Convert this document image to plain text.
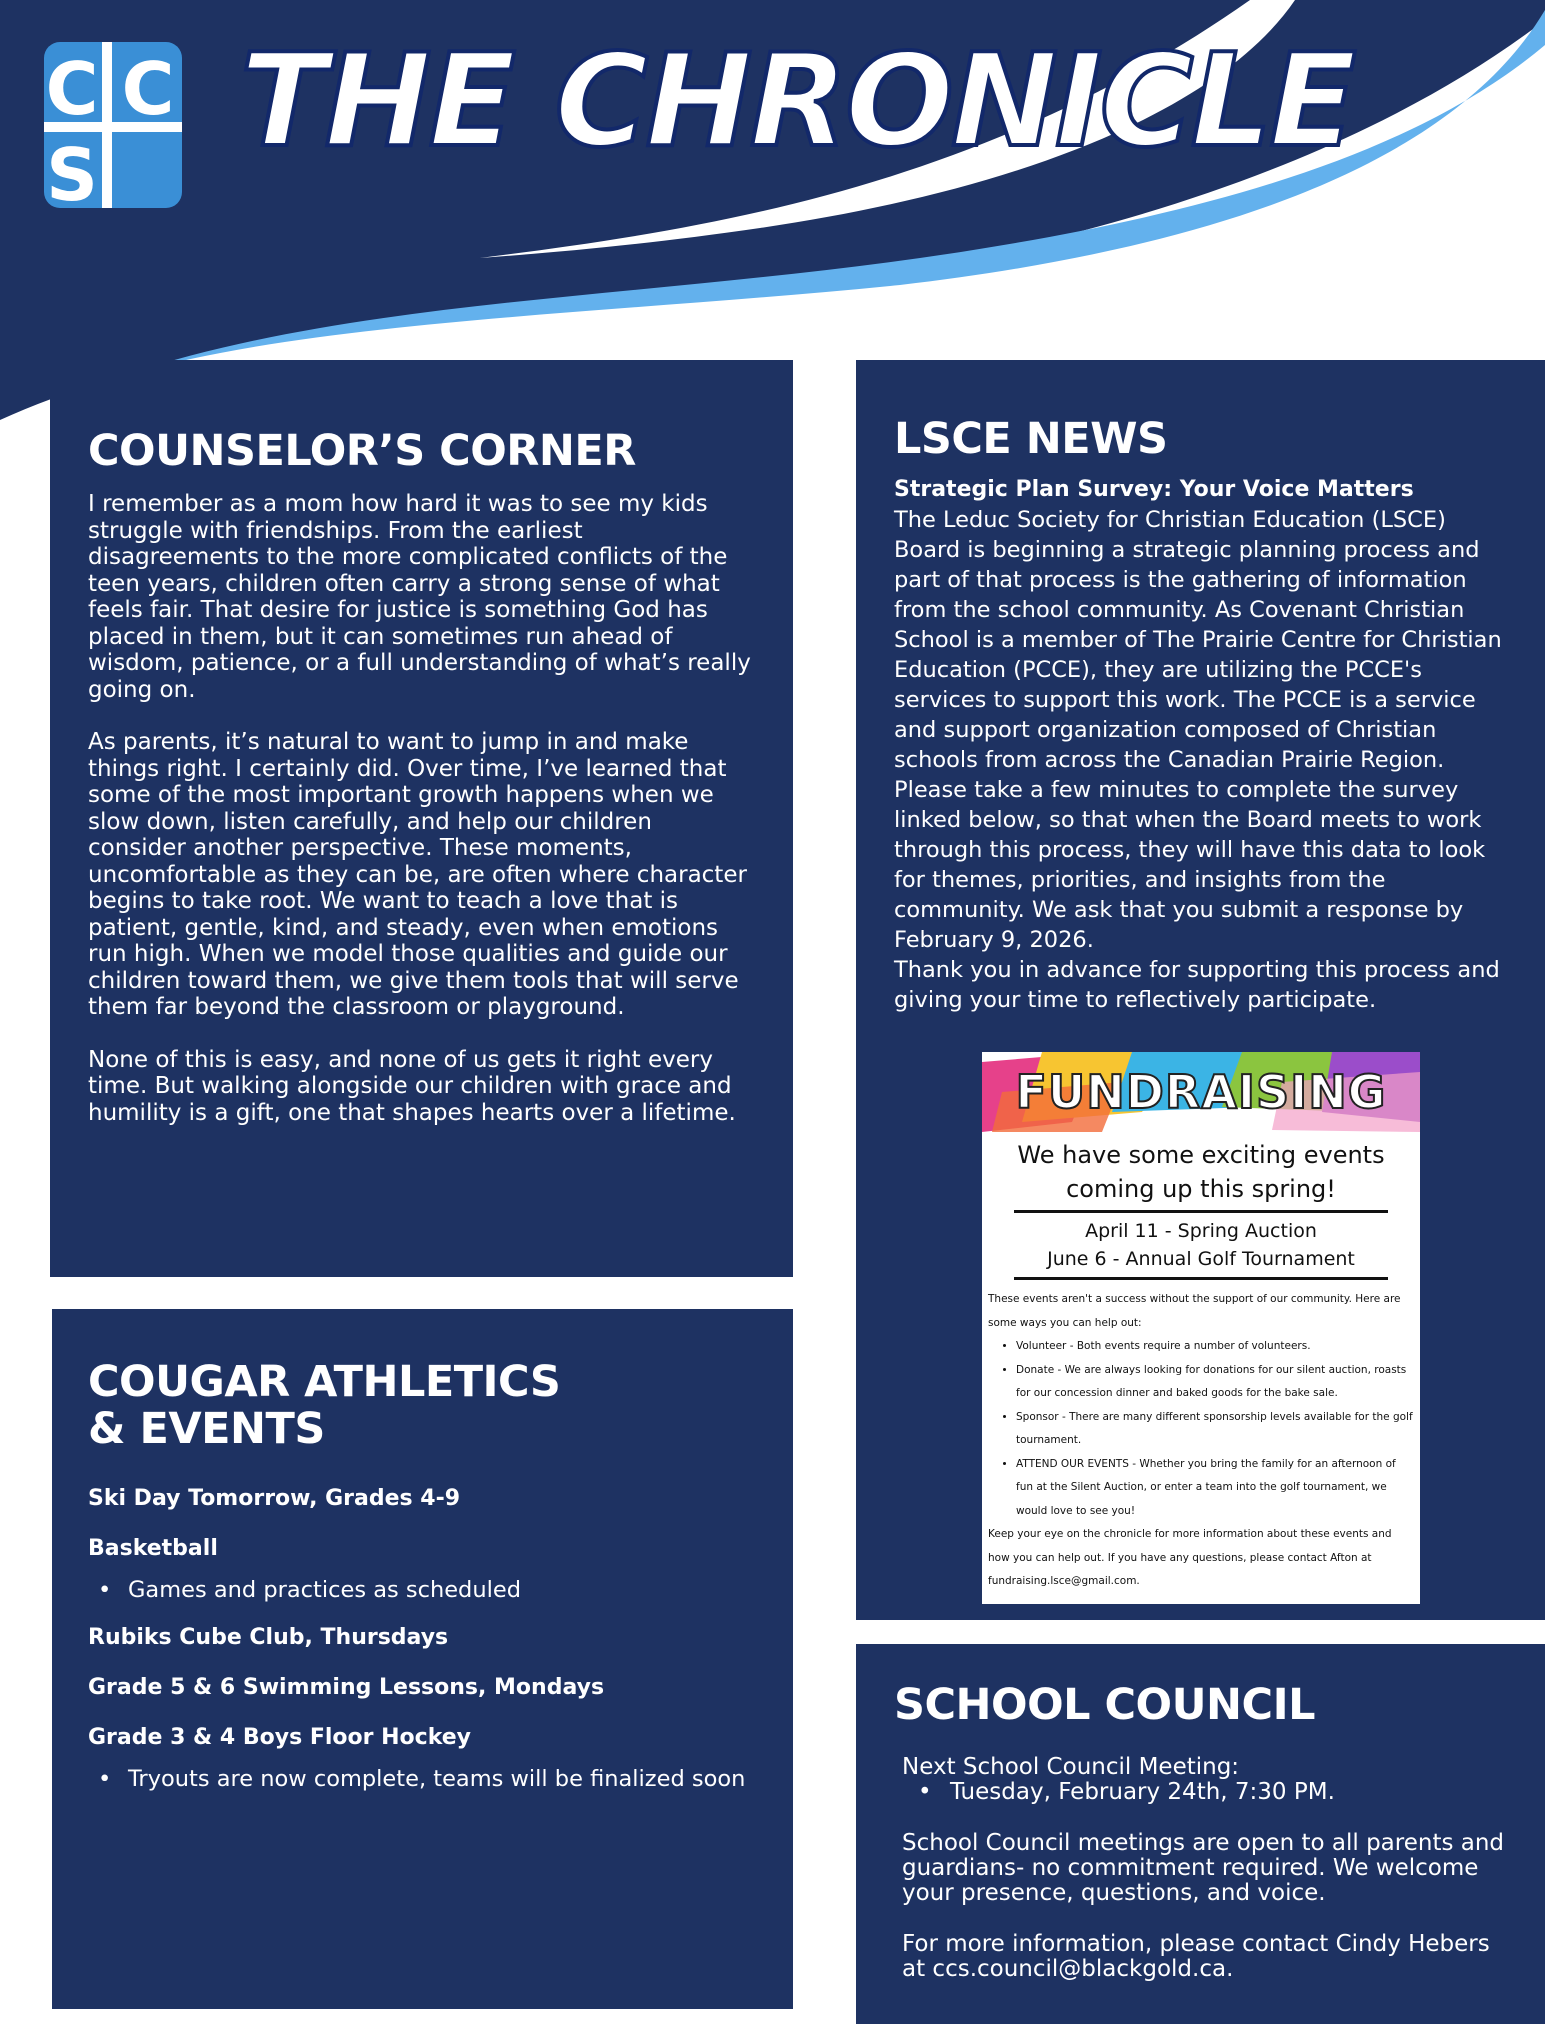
C C
S THE CHRONICLE
COUNSELOR’S CORNER

I remember as a mom how hard it was to see my kids struggle with friendships. From the earliest disagreements to the more complicated conflicts of the teen years, children often carry a strong sense of what feels fair. That desire for justice is something God has placed in them, but it can sometimes run ahead of wisdom, patience, or a full understanding of what’s really going on.

As parents, it’s natural to want to jump in and make things right. I certainly did. Over time, I’ve learned that some of the most important growth happens when we slow down, listen carefully, and help our children consider another perspective. These moments, uncomfortable as they can be, are often where character begins to take root. We want to teach a love that is patient, gentle, kind, and steady, even when emotions run high. When we model those qualities and guide our children toward them, we give them tools that will serve them far beyond the classroom or playground.

None of this is easy, and none of us gets it right every time. But walking alongside our children with grace and humility is a gift, one that shapes hearts over a lifetime.

COUGAR ATHLETICS
& EVENTS

Ski Day Tomorrow, Grades 4-9

Basketball

• Games and practices as scheduled

Rubiks Cube Club, Thursdays

Grade 5 & 6 Swimming Lessons, Mondays

Grade 3 & 4 Boys Floor Hockey

• Tryouts are now complete, teams will be finalized soon

LSCE NEWS
Strategic Plan Survey: Your Voice Matters

The Leduc Society for Christian Education (LSCE) Board is beginning a strategic planning process and part of that process is the gathering of information from the school community. As Covenant Christian School is a member of The Prairie Centre for Christian Education (PCCE), they are utilizing the PCCE's services to support this work. The PCCE is a service and support organization composed of Christian schools from across the Canadian Prairie Region. Please take a few minutes to complete the survey linked below, so that when the Board meets to work through this process, they will have this data to look for themes, priorities, and insights from the community. We ask that you submit a response by February 9, 2026.
Thank you in advance for supporting this process and giving your time to reflectively participate.

FUNDRAISING
We have some exciting events
coming up this spring!
April 11 - Spring Auction
June 6 - Annual Golf Tournament
These events aren't a success without the support of our community. Here are some ways you can help out:
• Volunteer - Both events require a number of volunteers.
• Donate - We are always looking for donations for our silent auction, roasts for our concession dinner and baked goods for the bake sale.
• Sponsor - There are many different sponsorship levels available for the golf tournament.
• ATTEND OUR EVENTS - Whether you bring the family for an afternoon of fun at the Silent Auction, or enter a team into the golf tournament, we would love to see you!
Keep your eye on the chronicle for more information about these events and how you can help out. If you have any questions, please contact Afton at fundraising.lsce@gmail.com.
SCHOOL COUNCIL

Next School Council Meeting:

• Tuesday, February 24th, 7:30 PM.

School Council meetings are open to all parents and guardians- no commitment required. We welcome your presence, questions, and voice.

For more information, please contact Cindy Hebers at ccs.council@blackgold.ca.
